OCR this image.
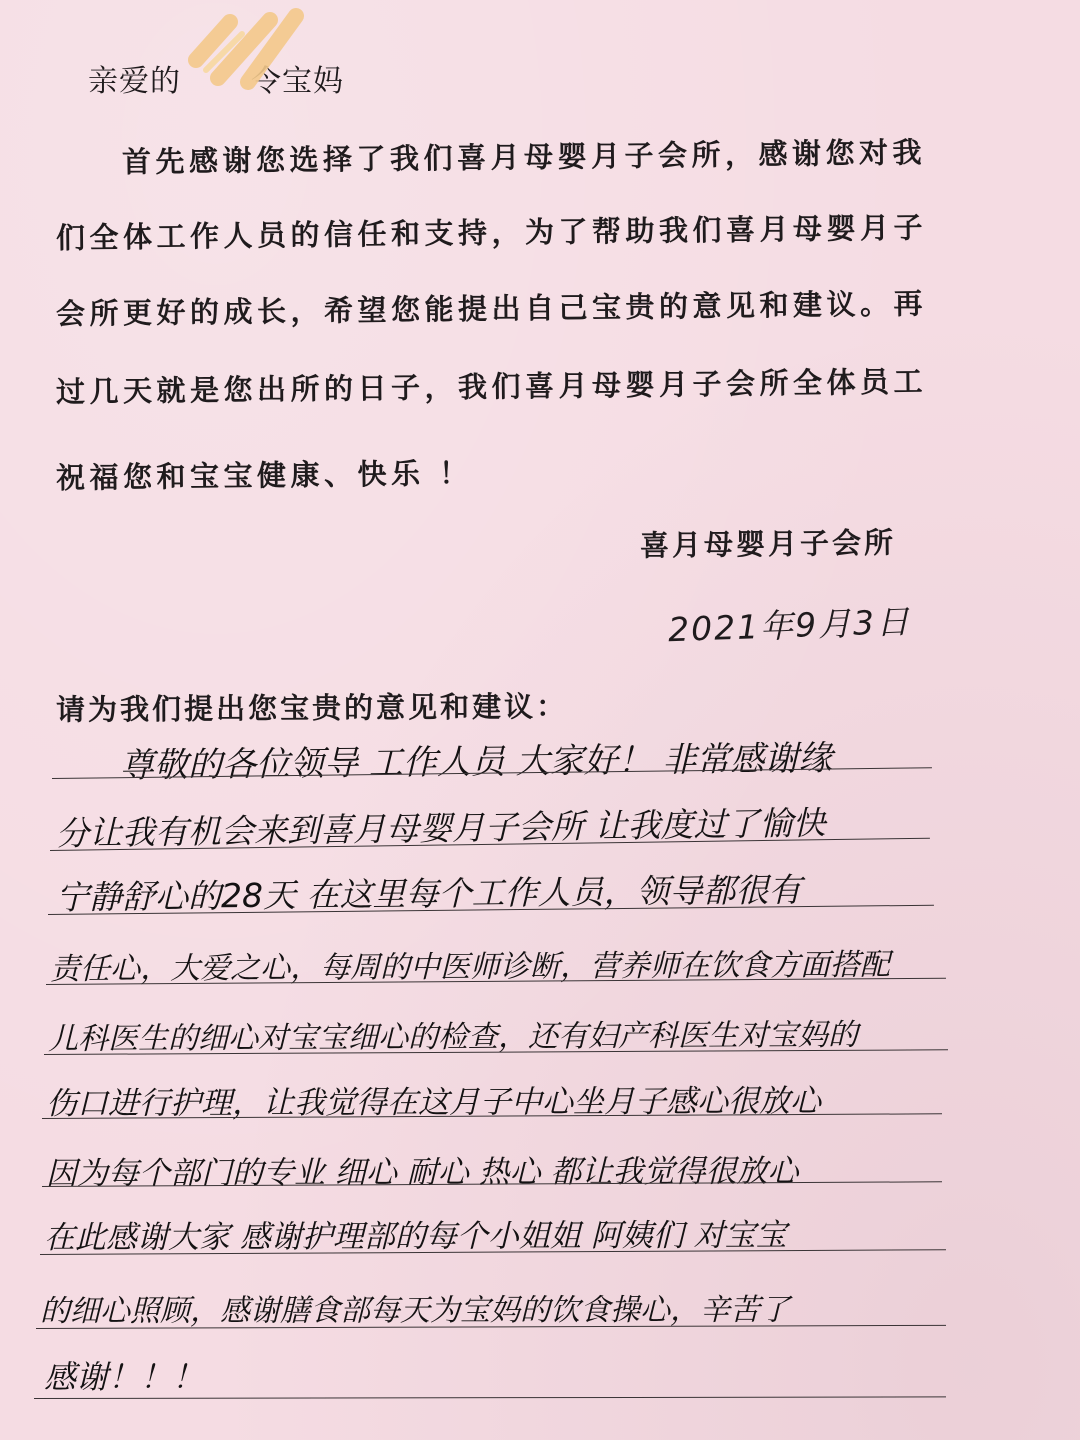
亲爱的 令宝妈
首先感谢您选择了我们喜月母婴月子会所，感谢您对我
们全体工作人员的信任和支持，为了帮助我们喜月母婴月子
会所更好的成长，希望您能提出自己宝贵的意见和建议。再
过几天就是您出所的日子，我们喜月母婴月子会所全体员工
祝福您和宝宝健康、快乐 ！
喜月母婴月子会所
2021年9月3日
请为我们提出您宝贵的意见和建议：
尊敬的各位领导 工作人员 大家好！ 非常感谢缘
分让我有机会来到喜月母婴月子会所 让我度过了愉快
宁静舒心的28天 在这里每个工作人员，领导都很有
责任心，大爱之心，每周的中医师诊断，营养师在饮食方面搭配
儿科医生的细心对宝宝细心的检查，还有妇产科医生对宝妈的
伤口进行护理，让我觉得在这月子中心坐月子感心很放心
因为每个部门的专业 细心 耐心 热心 都让我觉得很放心
在此感谢大家 感谢护理部的每个小姐姐 阿姨们 对宝宝
的细心照顾，感谢膳食部每天为宝妈的饮食操心，辛苦了
感谢！！！
